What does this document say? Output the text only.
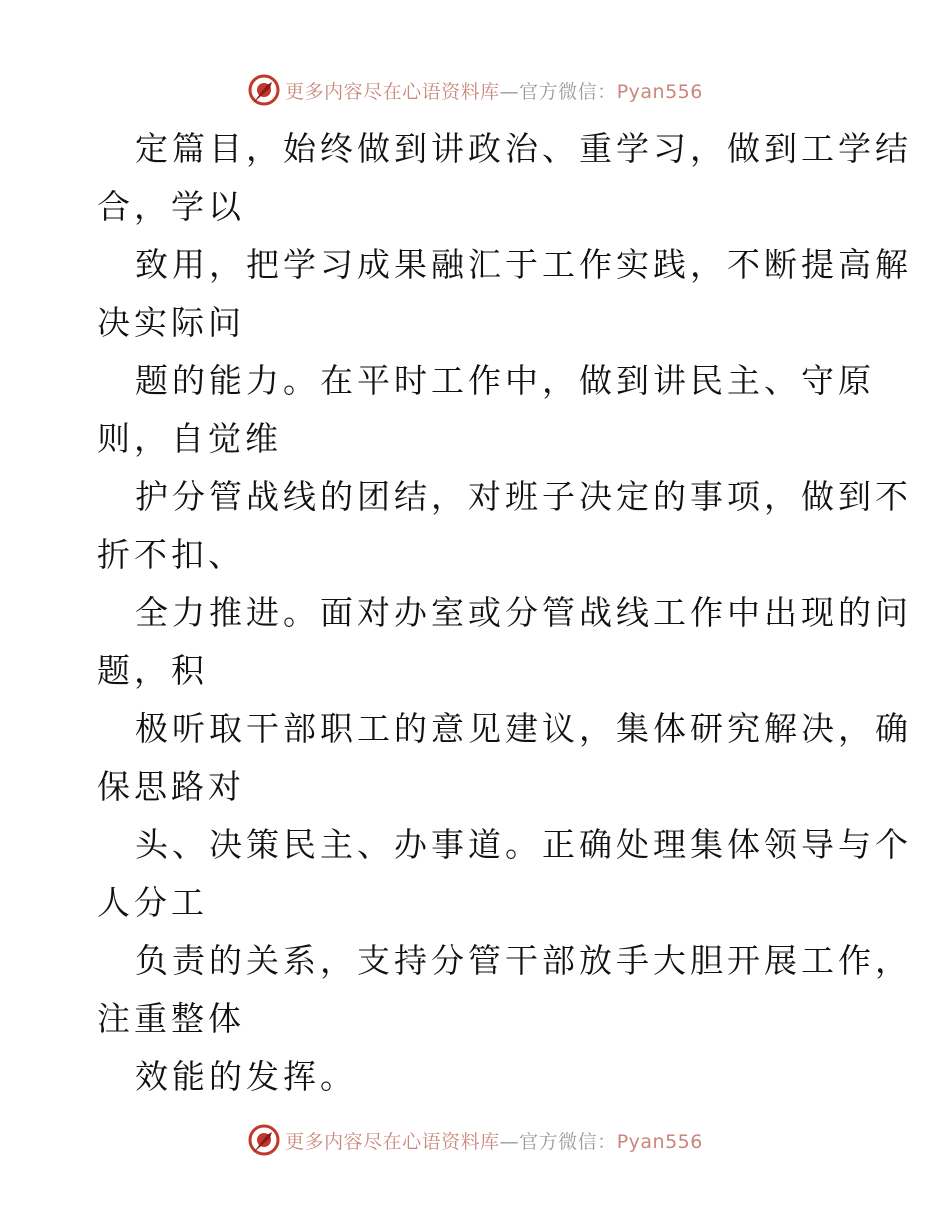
更多内容尽在心语资料库—官方微信：Pyan556

定篇目，始终做到讲政治、重学习，做到工学结
合，学以

致用，把学习成果融汇于工作实践，不断提高解
决实际问

题的能力。在平时工作中，做到讲民主、守原
则，自觉维

护分管战线的团结，对班子决定的事项，做到不
折不扣、

全力推进。面对办室或分管战线工作中出现的问
题，积

极听取干部职工的意见建议，集体研究解决，确
保思路对

头、决策民主、办事道。正确处理集体领导与个
人分工

负责的关系，支持分管干部放手大胆开展工作，
注重整体

效能的发挥。

更多内容尽在心语资料库—官方微信：Pyan556
